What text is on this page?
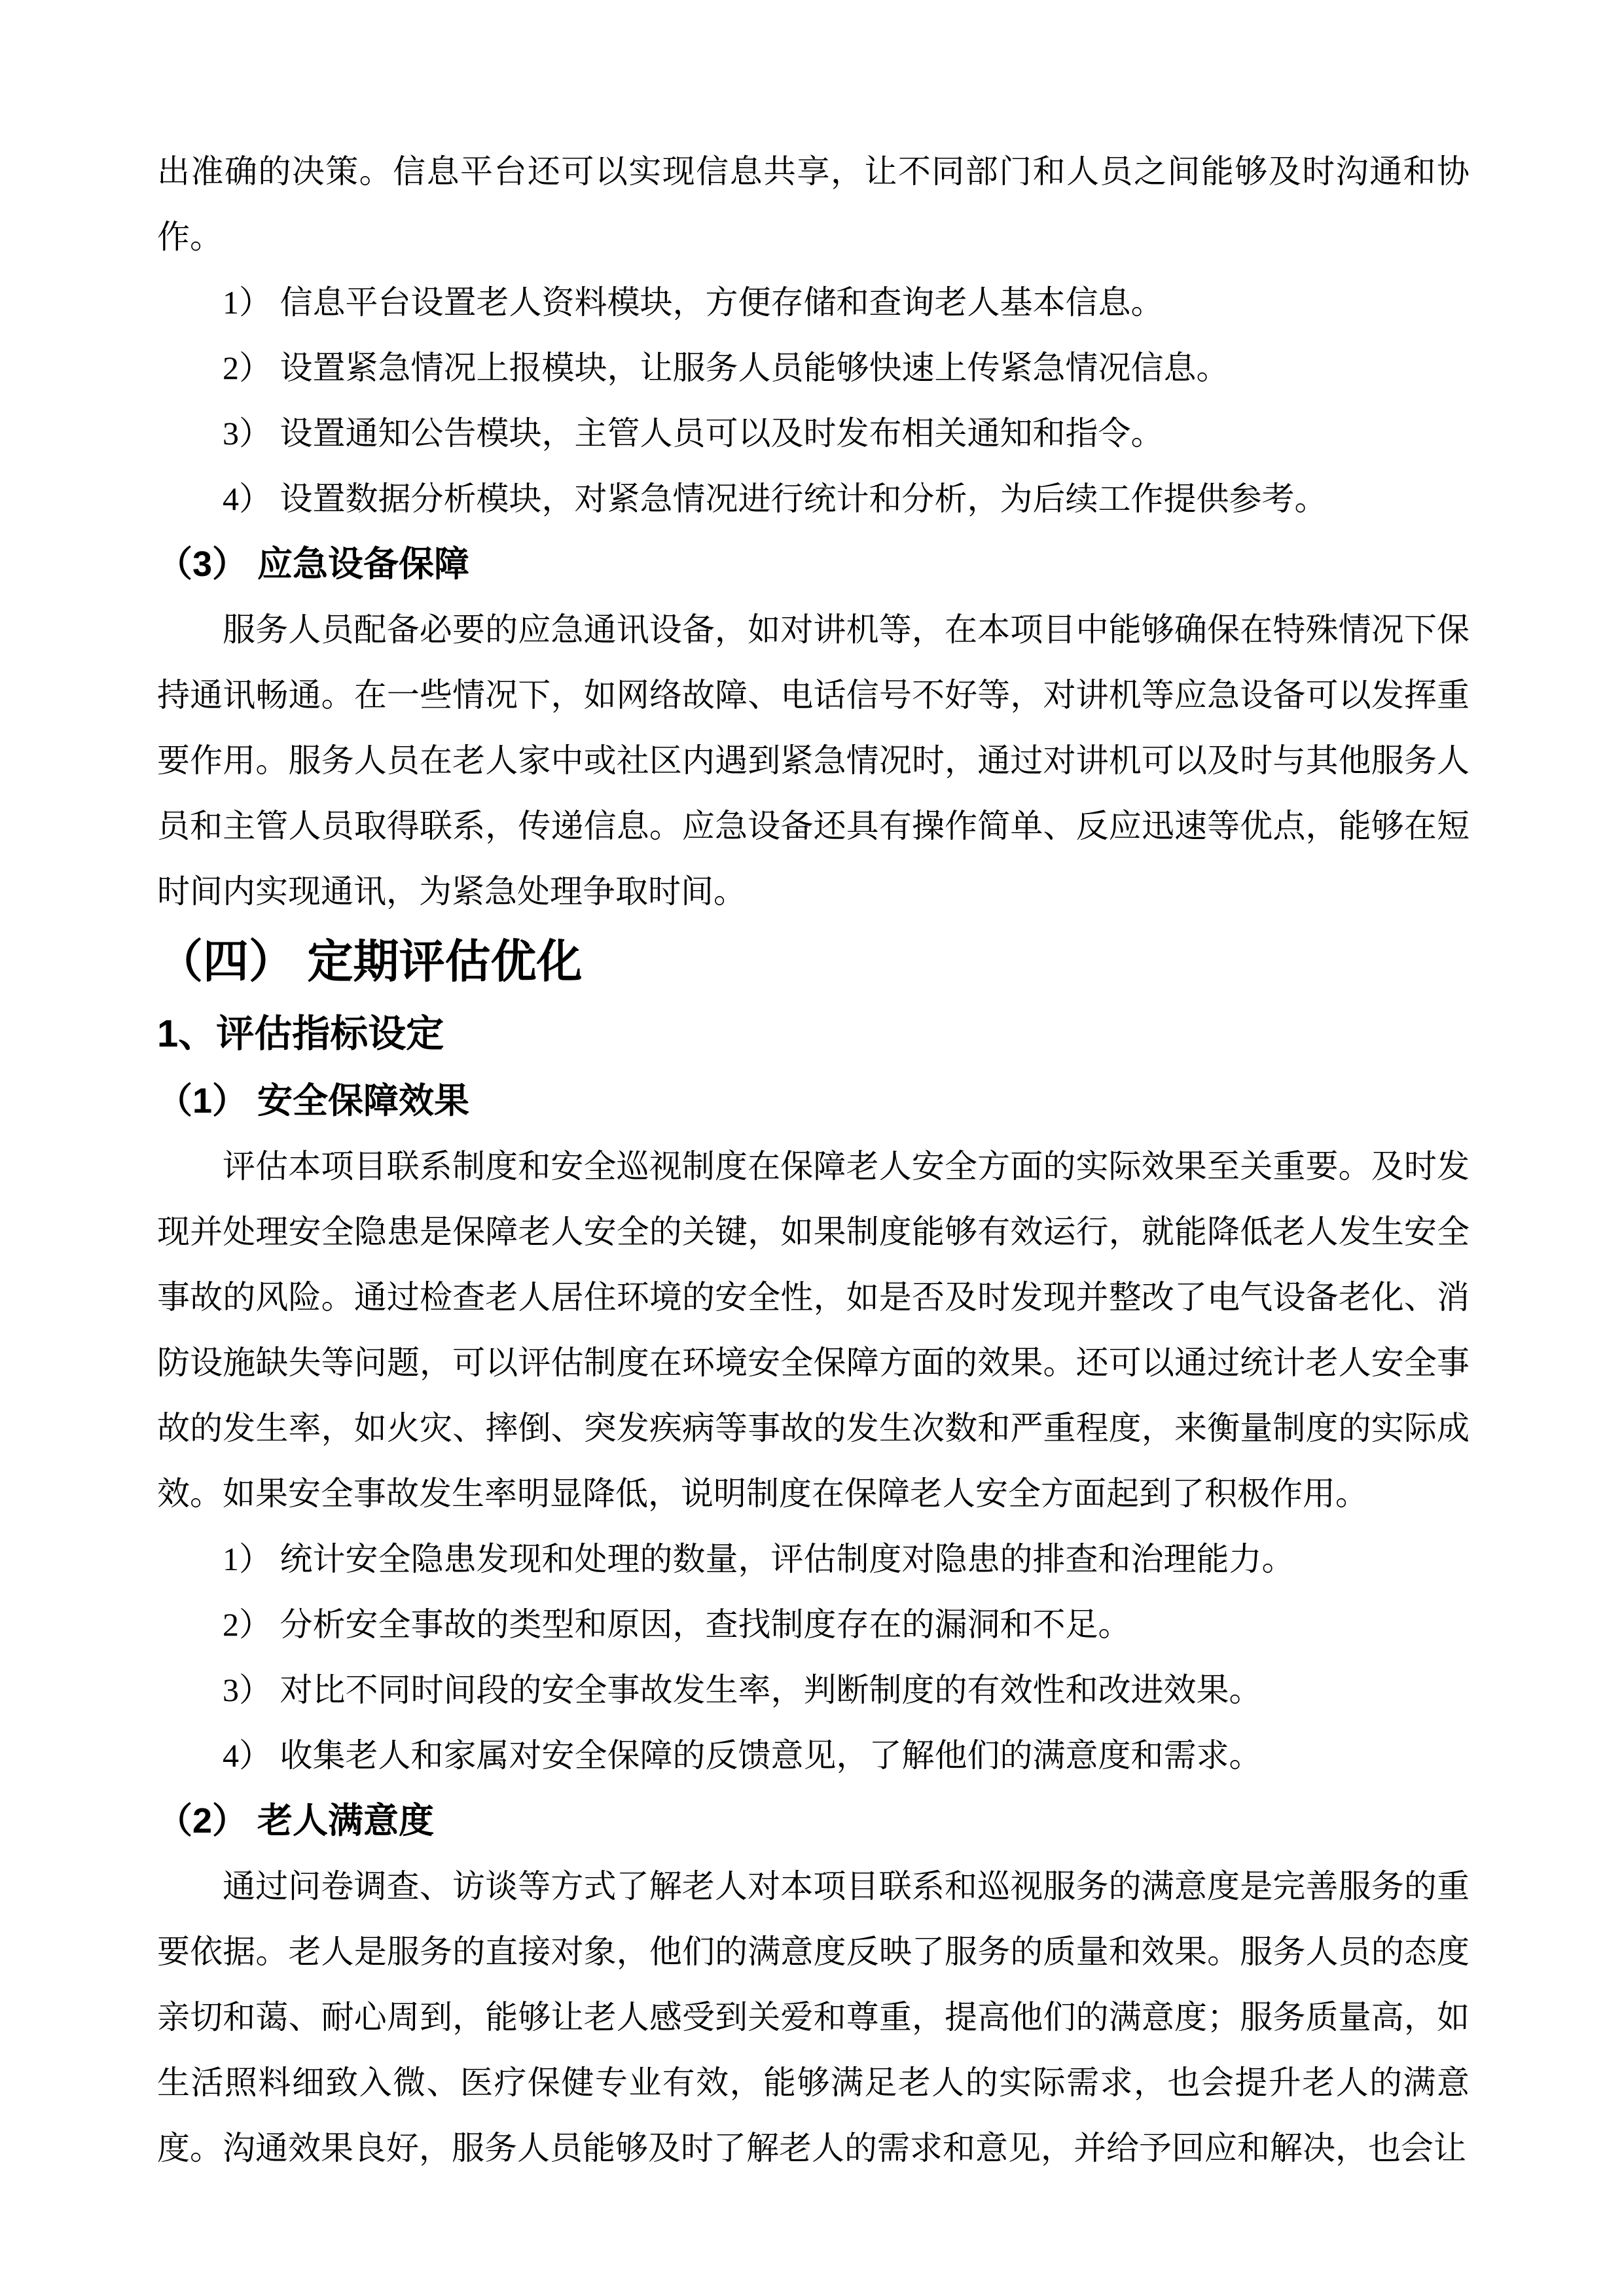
出准确的决策。信息平台还可以实现信息共享，让不同部门和人员之间能够及时沟通和协作。

1） 信息平台设置老人资料模块，方便存储和查询老人基本信息。

2） 设置紧急情况上报模块，让服务人员能够快速上传紧急情况信息。

3） 设置通知公告模块，主管人员可以及时发布相关通知和指令。

4） 设置数据分析模块，对紧急情况进行统计和分析，为后续工作提供参考。

（3） 应急设备保障

服务人员配备必要的应急通讯设备，如对讲机等，在本项目中能够确保在特殊情况下保持通讯畅通。在一些情况下，如网络故障、电话信号不好等，对讲机等应急设备可以发挥重要作用。服务人员在老人家中或社区内遇到紧急情况时，通过对讲机可以及时与其他服务人员和主管人员取得联系，传递信息。应急设备还具有操作简单、反应迅速等优点，能够在短时间内实现通讯，为紧急处理争取时间。

（四） 定期评估优化
1、评估指标设定
（1） 安全保障效果

评估本项目联系制度和安全巡视制度在保障老人安全方面的实际效果至关重要。及时发现并处理安全隐患是保障老人安全的关键，如果制度能够有效运行，就能降低老人发生安全事故的风险。通过检查老人居住环境的安全性，如是否及时发现并整改了电气设备老化、消防设施缺失等问题，可以评估制度在环境安全保障方面的效果。还可以通过统计老人安全事故的发生率，如火灾、摔倒、突发疾病等事故的发生次数和严重程度，来衡量制度的实际成效。如果安全事故发生率明显降低，说明制度在保障老人安全方面起到了积极作用。

1） 统计安全隐患发现和处理的数量，评估制度对隐患的排查和治理能力。

2） 分析安全事故的类型和原因，查找制度存在的漏洞和不足。

3） 对比不同时间段的安全事故发生率，判断制度的有效性和改进效果。

4） 收集老人和家属对安全保障的反馈意见，了解他们的满意度和需求。

（2） 老人满意度

通过问卷调查、访谈等方式了解老人对本项目联系和巡视服务的满意度是完善服务的重要依据。老人是服务的直接对象，他们的满意度反映了服务的质量和效果。服务人员的态度亲切和蔼、耐心周到，能够让老人感受到关爱和尊重，提高他们的满意度；服务质量高，如生活照料细致入微、医疗保健专业有效，能够满足老人的实际需求，也会提升老人的满意度。沟通效果良好，服务人员能够及时了解老人的需求和意见，并给予回应和解决，也会让
